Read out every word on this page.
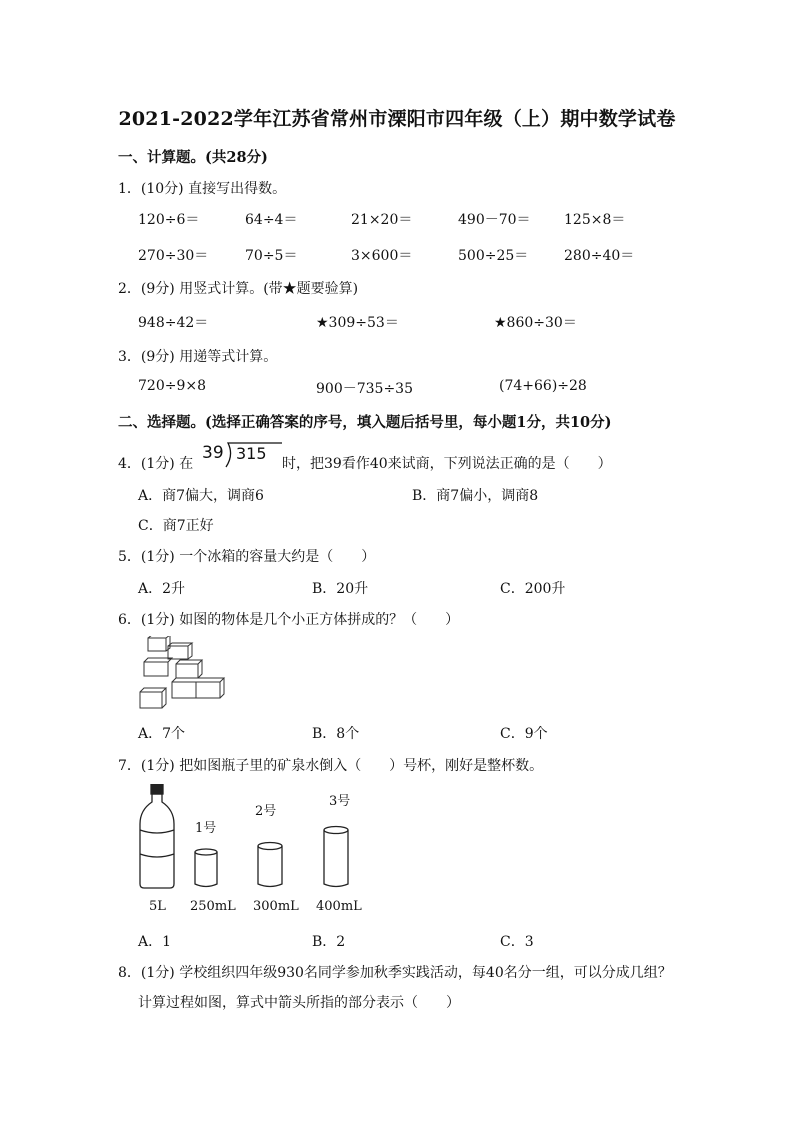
2021-2022学年江苏省常州市溧阳市四年级（上）期中数学试卷
一、计算题。(共28分)
1．(10分) 直接写出得数。
120÷6＝	64÷4＝	21×20＝	490－70＝ 125×8＝
270÷30＝	70÷5＝	3×600＝	500÷25＝	280÷40＝
2．(9分) 用竖式计算。(带★题要验算)
948÷42＝	★309÷53＝	★860÷30＝
3．(9分) 用递等式计算。
720÷9×8	900－735÷35	(74+66)÷28
二、选择题。(选择正确答案的序号，填入题后括号里，每小题1分，共10分)
4．(1分) 在
39 315
时，把39看作40来试商，下列说法正确的是（　　）
A．商7偏大，调商6	B．商7偏小，调商8
C．商7正好
5．(1分) 一个冰箱的容量大约是（　　）
A．2升	B．20升	C．200升
6．(1分) 如图的物体是几个小正方体拼成的？（　　）
A．7个	B．8个	C．9个
7．(1分) 把如图瓶子里的矿泉水倒入（　　）号杯，刚好是整杯数。
1号
2号
3号
5L 250mL 300mL 400mL
A．1	B．2	C．3
8．(1分) 学校组织四年级930名同学参加秋季实践活动，每40名分一组，可以分成几组？
计算过程如图，算式中箭头所指的部分表示（　　）
